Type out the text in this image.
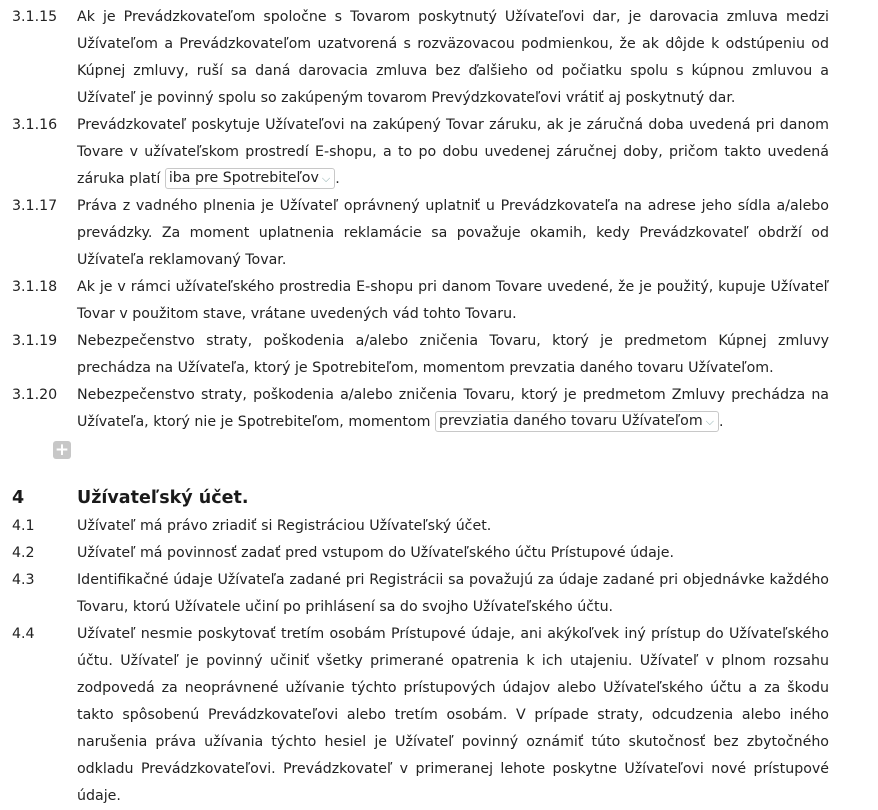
3.1.15 Ak je Prevádzkovateľom spoločne s Tovarom poskytnutý Užívateľovi dar, je darovacia zmluva medzi Užívateľom a Prevádzkovateľom uzatvorená s rozväzovacou podmienkou, že ak dôjde k odstúpeniu od Kúpnej zmluvy, ruší sa daná darovacia zmluva bez ďalšieho od počiatku spolu s kúpnou zmluvou a Užívateľ je povinný spolu so zakúpeným tovarom Prevýdzkovateľovi vrátiť aj poskytnutý dar.
3.1.16 Prevádzkovateľ poskytuje Užívateľovi na zakúpený Tovar záruku, ak je záručná doba uvedená pri danom Tovare v užívateľskom prostredí E-shopu, a to po dobu uvedenej záručnej doby, pričom takto uvedená záruka platí iba pre Spotrebiteľov ⌵ .
3.1.17 Práva z vadného plnenia je Užívateľ oprávnený uplatniť u Prevádzkovateľa na adrese jeho sídla a/alebo prevádzky. Za moment uplatnenia reklamácie sa považuje okamih, kedy Prevádzkovateľ obdrží od Užívateľa reklamovaný Tovar.
3.1.18 Ak je v rámci užívateľského prostredia E-shopu pri danom Tovare uvedené, že je použitý, kupuje Užívateľ Tovar v použitom stave, vrátane uvedených vád tohto Tovaru.
3.1.19 Nebezpečenstvo straty, poškodenia a/alebo zničenia Tovaru, ktorý je predmetom Kúpnej zmluvy prechádza na Užívateľa, ktorý je Spotrebiteľom, momentom prevzatia daného tovaru Užívateľom.
3.1.20 Nebezpečenstvo straty, poškodenia a/alebo zničenia Tovaru, ktorý je predmetom Zmluvy prechádza na Užívateľa, ktorý nie je Spotrebiteľom, momentom prevziatia daného tovaru Užívateľom ⌵ .
+
4	Užívateľský účet.
4.1	Užívateľ má právo zriadiť si Registráciou Užívateľský účet.
4.2	Užívateľ má povinnosť zadať pred vstupom do Užívateľského účtu Prístupové údaje.
4.3	Identifikačné údaje Užívateľa zadané pri Registrácii sa považujú za údaje zadané pri objednávke každého Tovaru, ktorú Užívatele učiní po prihlásení sa do svojho Užívateľského účtu.
4.4	Užívateľ nesmie poskytovať tretím osobám Prístupové údaje, ani akýkoľvek iný prístup do Užívateľského účtu. Užívateľ je povinný učiniť všetky primerané opatrenia k ich utajeniu. Užívateľ v plnom rozsahu zodpovedá za neoprávnené užívanie týchto prístupových údajov alebo Užívateľského účtu a za škodu takto spôsobenú Prevádzkovateľovi alebo tretím osobám. V prípade straty, odcudzenia alebo iného narušenia práva užívania týchto hesiel je Užívateľ povinný oznámiť túto skutočnosť bez zbytočného odkladu Prevádzkovateľovi. Prevádzkovateľ v primeranej lehote poskytne Užívateľovi nové prístupové údaje.
